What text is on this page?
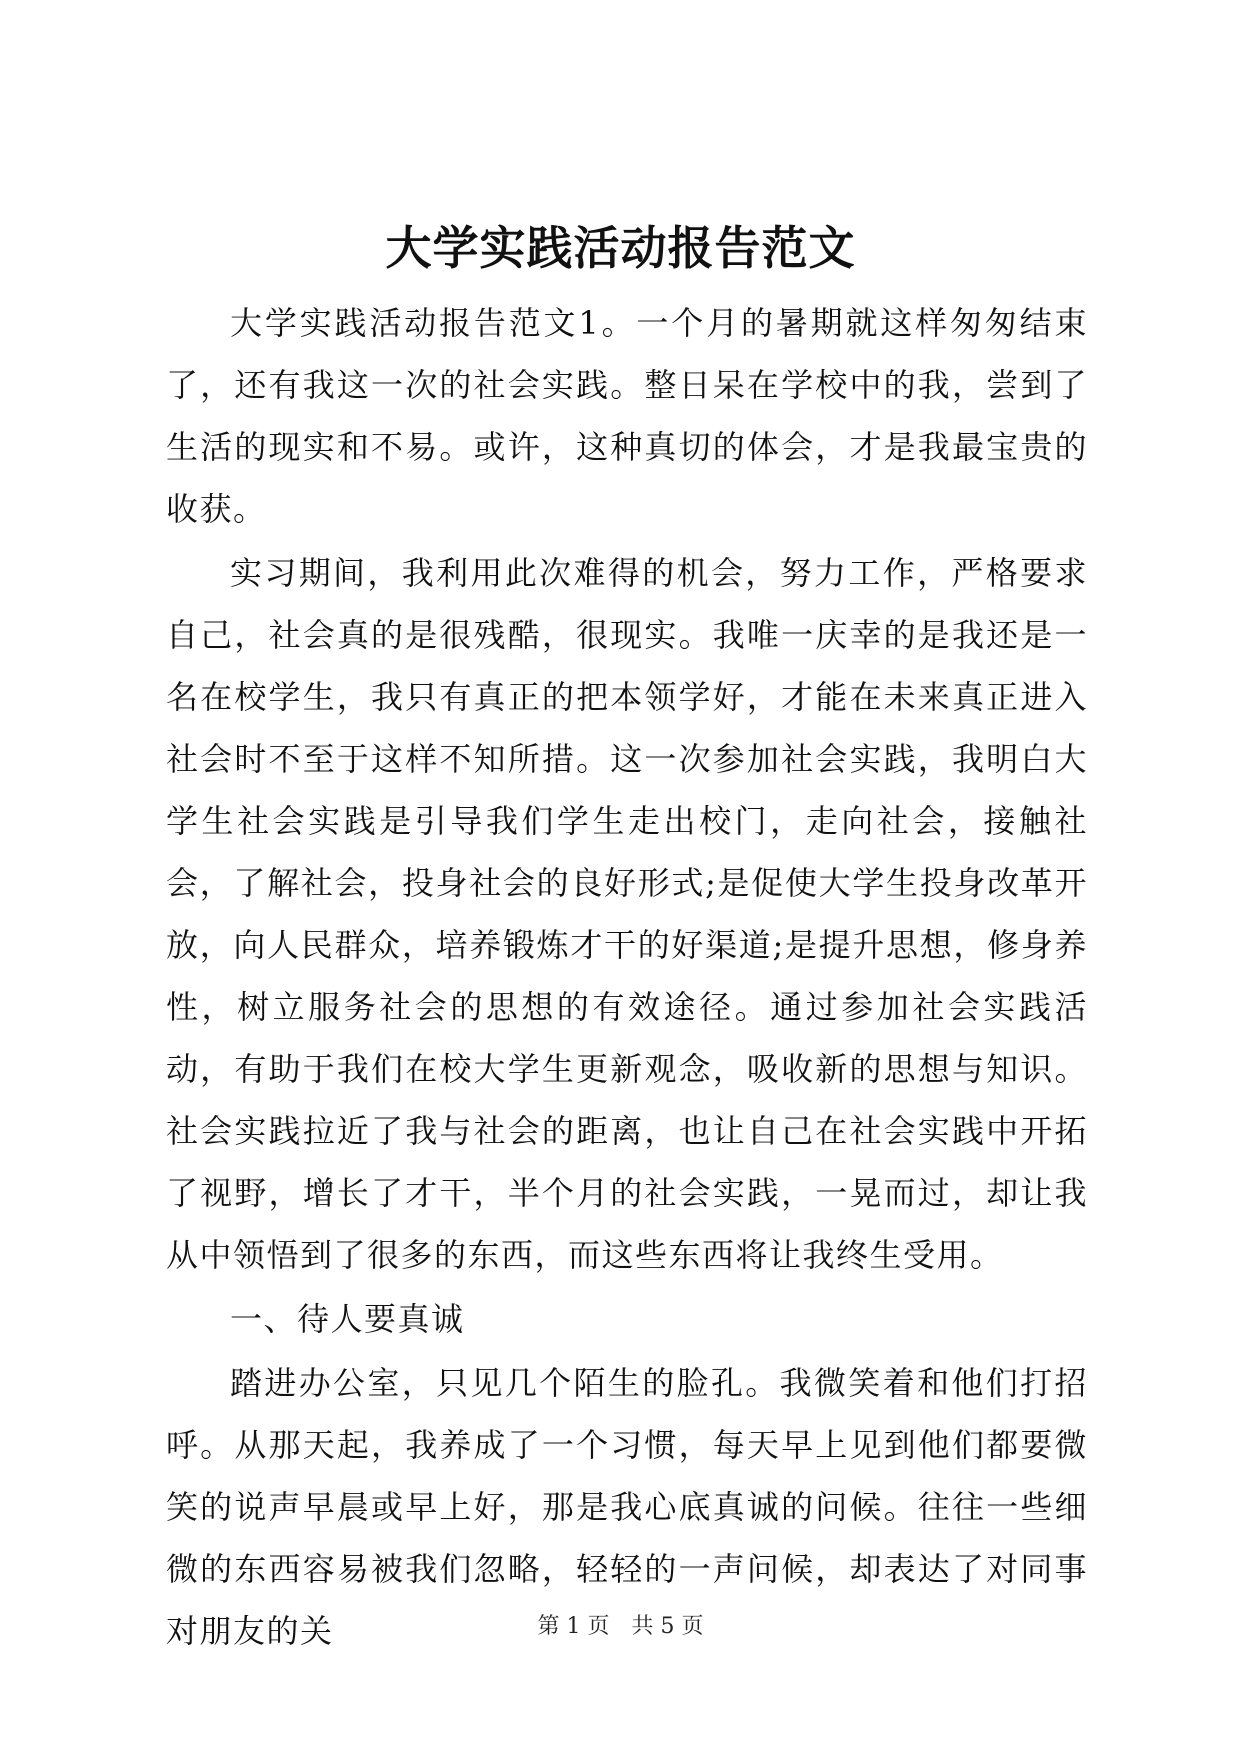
大学实践活动报告范文

大学实践活动报告范文1。一个月的暑期就这样匆匆结束了，还有我这一次的社会实践。整日呆在学校中的我，尝到了生活的现实和不易。或许，这种真切的体会，才是我最宝贵的收获。

实习期间，我利用此次难得的机会，努力工作，严格要求自己，社会真的是很残酷，很现实。我唯一庆幸的是我还是一名在校学生，我只有真正的把本领学好，才能在未来真正进入社会时不至于这样不知所措。这一次参加社会实践，我明白大学生社会实践是引导我们学生走出校门，走向社会，接触社会，了解社会，投身社会的良好形式;是促使大学生投身改革开放，向人民群众，培养锻炼才干的好渠道;是提升思想，修身养性，树立服务社会的思想的有效途径。通过参加社会实践活动，有助于我们在校大学生更新观念，吸收新的思想与知识。社会实践拉近了我与社会的距离，也让自己在社会实践中开拓了视野，增长了才干，半个月的社会实践，一晃而过，却让我从中领悟到了很多的东西，而这些东西将让我终生受用。

一、待人要真诚

踏进办公室，只见几个陌生的脸孔。我微笑着和他们打招呼。从那天起，我养成了一个习惯，每天早上见到他们都要微笑的说声早晨或早上好，那是我心底真诚的问候。往往一些细微的东西容易被我们忽略，轻轻的一声问候，却表达了对同事对朋友的关	第 1 页 共 5 页
